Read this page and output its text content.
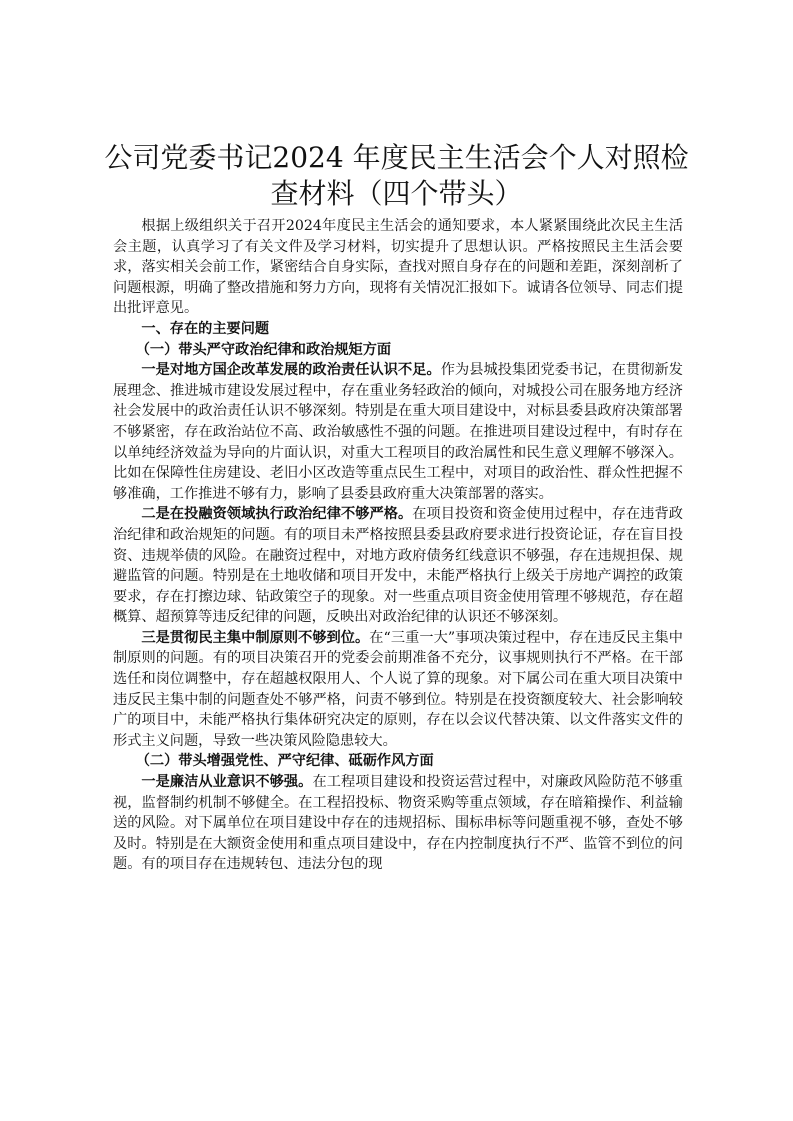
公司党委书记2024 年度民主生活会个人对照检查材料（四个带头）

根据上级组织关于召开2024年度民主生活会的通知要求，本人紧紧围绕此次民主生活会主题，认真学习了有关文件及学习材料，切实提升了思想认识。严格按照民主生活会要求，落实相关会前工作，紧密结合自身实际，查找对照自身存在的问题和差距，深刻剖析了问题根源，明确了整改措施和努力方向，现将有关情况汇报如下。诚请各位领导、同志们提出批评意见。

一、存在的主要问题

（一）带头严守政治纪律和政治规矩方面

一是对地方国企改革发展的政治责任认识不足。作为县城投集团党委书记，在贯彻新发展理念、推进城市建设发展过程中，存在重业务轻政治的倾向，对城投公司在服务地方经济社会发展中的政治责任认识不够深刻。特别是在重大项目建设中，对标县委县政府决策部署不够紧密，存在政治站位不高、政治敏感性不强的问题。在推进项目建设过程中，有时存在以单纯经济效益为导向的片面认识，对重大工程项目的政治属性和民生意义理解不够深入。比如在保障性住房建设、老旧小区改造等重点民生工程中，对项目的政治性、群众性把握不够准确，工作推进不够有力，影响了县委县政府重大决策部署的落实。

二是在投融资领域执行政治纪律不够严格。在项目投资和资金使用过程中，存在违背政治纪律和政治规矩的问题。有的项目未严格按照县委县政府要求进行投资论证，存在盲目投资、违规举债的风险。在融资过程中，对地方政府债务红线意识不够强，存在违规担保、规避监管的问题。特别是在土地收储和项目开发中，未能严格执行上级关于房地产调控的政策要求，存在打擦边球、钻政策空子的现象。对一些重点项目资金使用管理不够规范，存在超概算、超预算等违反纪律的问题，反映出对政治纪律的认识还不够深刻。

三是贯彻民主集中制原则不够到位。在“三重一大”事项决策过程中，存在违反民主集中制原则的问题。有的项目决策召开的党委会前期准备不充分，议事规则执行不严格。在干部选任和岗位调整中，存在超越权限用人、个人说了算的现象。对下属公司在重大项目决策中违反民主集中制的问题查处不够严格，问责不够到位。特别是在投资额度较大、社会影响较广的项目中，未能严格执行集体研究决定的原则，存在以会议代替决策、以文件落实文件的形式主义问题，导致一些决策风险隐患较大。

（二）带头增强党性、严守纪律、砥砺作风方面

一是廉洁从业意识不够强。在工程项目建设和投资运营过程中，对廉政风险防范不够重视，监督制约机制不够健全。在工程招投标、物资采购等重点领域，存在暗箱操作、利益输送的风险。对下属单位在项目建设中存在的违规招标、围标串标等问题重视不够，查处不够及时。特别是在大额资金使用和重点项目建设中，存在内控制度执行不严、监管不到位的问题。有的项目存在违规转包、违法分包的现
